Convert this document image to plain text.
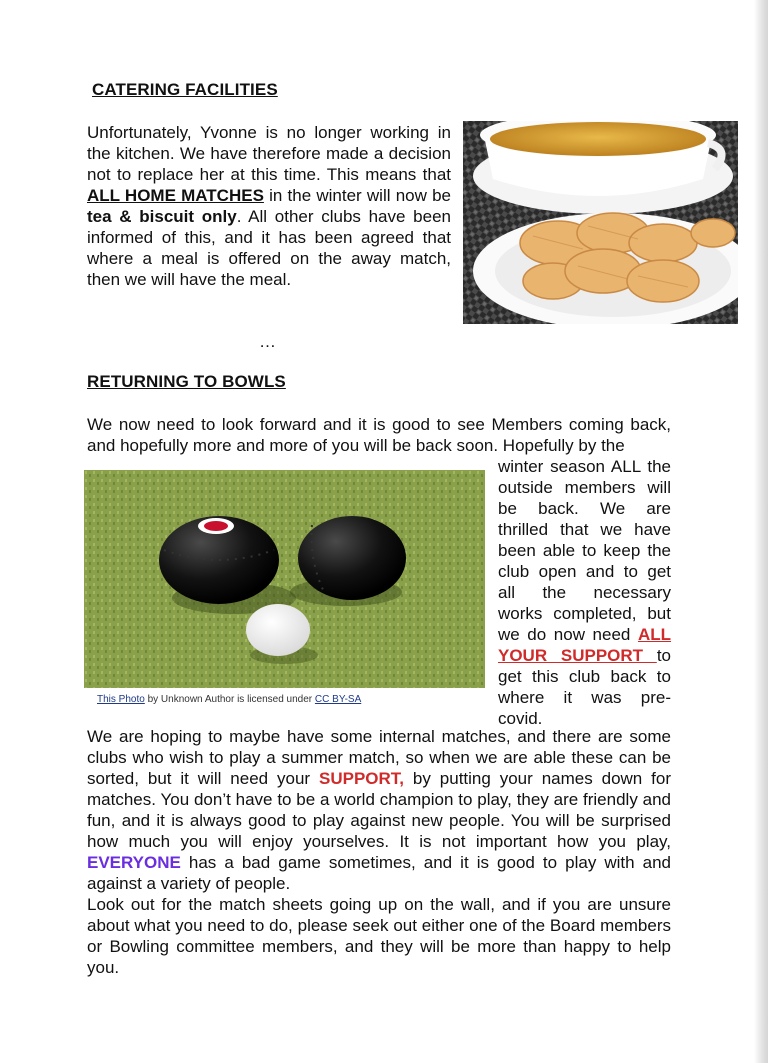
CATERING FACILITIES

Unfortunately, Yvonne is no longer working in the kitchen. We have therefore made a decision not to replace her at this time. This means that ALL HOME MATCHES in the winter will now be tea & biscuit only. All other clubs have been informed of this, and it has been agreed that where a meal is offered on the away match, then we will have the meal.

…
RETURNING TO BOWLS

We now need to look forward and it is good to see Members coming back, and hopefully more and more of you will be back soon. Hopefully by the

This Photo by Unknown Author is licensed under CC BY-SA

winter season ALL the outside members will be back. We are thrilled that we have been able to keep the club open and to get all the necessary works completed, but we do now need ALL YOUR SUPPORT to get this club back to where it was pre-covid.

We are hoping to maybe have some internal matches, and there are some clubs who wish to play a summer match, so when we are able these can be sorted, but it will need your SUPPORT, by putting your names down for matches. You don’t have to be a world champion to play, they are friendly and fun, and it is always good to play against new people. You will be surprised how much you will enjoy yourselves. It is not important how you play, EVERYONE has a bad game sometimes, and it is good to play with and against a variety of people.

Look out for the match sheets going up on the wall, and if you are unsure about what you need to do, please seek out either one of the Board members or Bowling committee members, and they will be more than happy to help you.
